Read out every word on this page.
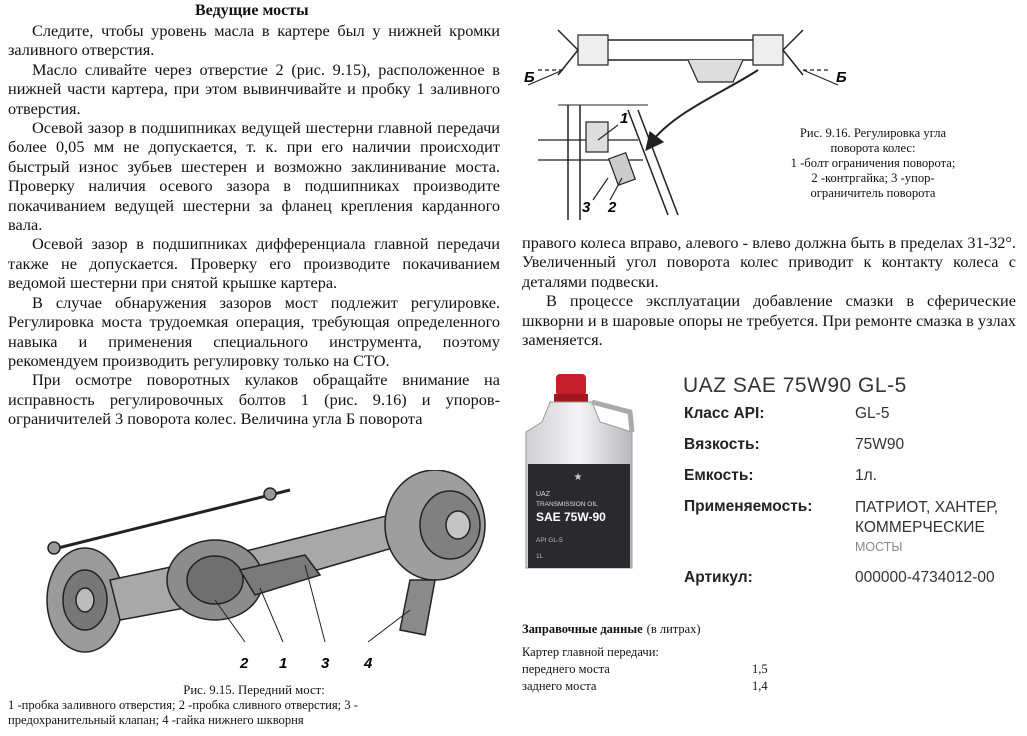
Ведущие мосты

Следите, чтобы уровень масла в картере был у нижней кромки заливного отверстия.

Масло сливайте через отверстие 2 (рис. 9.15), расположенное в нижней части картера, при этом вывинчивайте и пробку 1 заливного отверстия.

Осевой зазор в подшипниках ведущей шестерни главной передачи более 0,05 мм не допускается, т. к. при его наличии происходит быстрый износ зубьев шестерен и возможно заклинивание моста. Проверку наличия осевого зазора в подшипниках производите покачиванием ведущей шестерни за фланец крепления карданного вала.

Осевой зазор в подшипниках дифференциала главной передачи также не допускается. Проверку его производите покачиванием ведомой шестерни при снятой крышке картера.

В случае обнаружения зазоров мост подлежит регулировке. Регулировка моста трудоемкая операция, требующая определенного навыка и применения специального инструмента, поэтому рекомендуем производить регулировку только на СТО.

При осмотре поворотных кулаков обращайте внимание на исправность регулировочных болтов 1 (рис. 9.16) и упоров-ограничителей 3 поворота колес. Величина угла Б поворота

2 1 3 4
Рис. 9.15. Передний мост:
1 -пробка заливного отверстия; 2 -пробка сливного отверстия; 3 -
предохранительный клапан; 4 -гайка нижнего шкворня
Б	Б
1
2
3
Рис. 9.16. Регулировка угла
поворота колес:
1 -болт ограничения поворота;
2 -контргайка; 3 -упор-
ограничитель поворота

правого колеса вправо, алевого - влево должна быть в пределах 31-32°. Увеличенный угол поворота колес приводит к контакту колеса с деталями подвески.

В процессе эксплуатации добавление смазки в сферические шкворни и в шаровые опоры не требуется. При ремонте смазка в узлах заменяется.

★
UAZ
TRANSMISSION OIL
SAE 75W-90
API GL-5
1L
UAZ SAE 75W90 GL-5
Класс API:	GL-5
Вязкость:	75W90
Емкость:	1л.
Применяемость:	ПАТРИОТ, ХАНТЕР, КОММЕРЧЕСКИЕ
МОСТЫ
Артикул:	000000-4734012-00
Заправочные данные (в литрах)
Картер главной передачи:
переднего моста	1,5
заднего моста	1,4
